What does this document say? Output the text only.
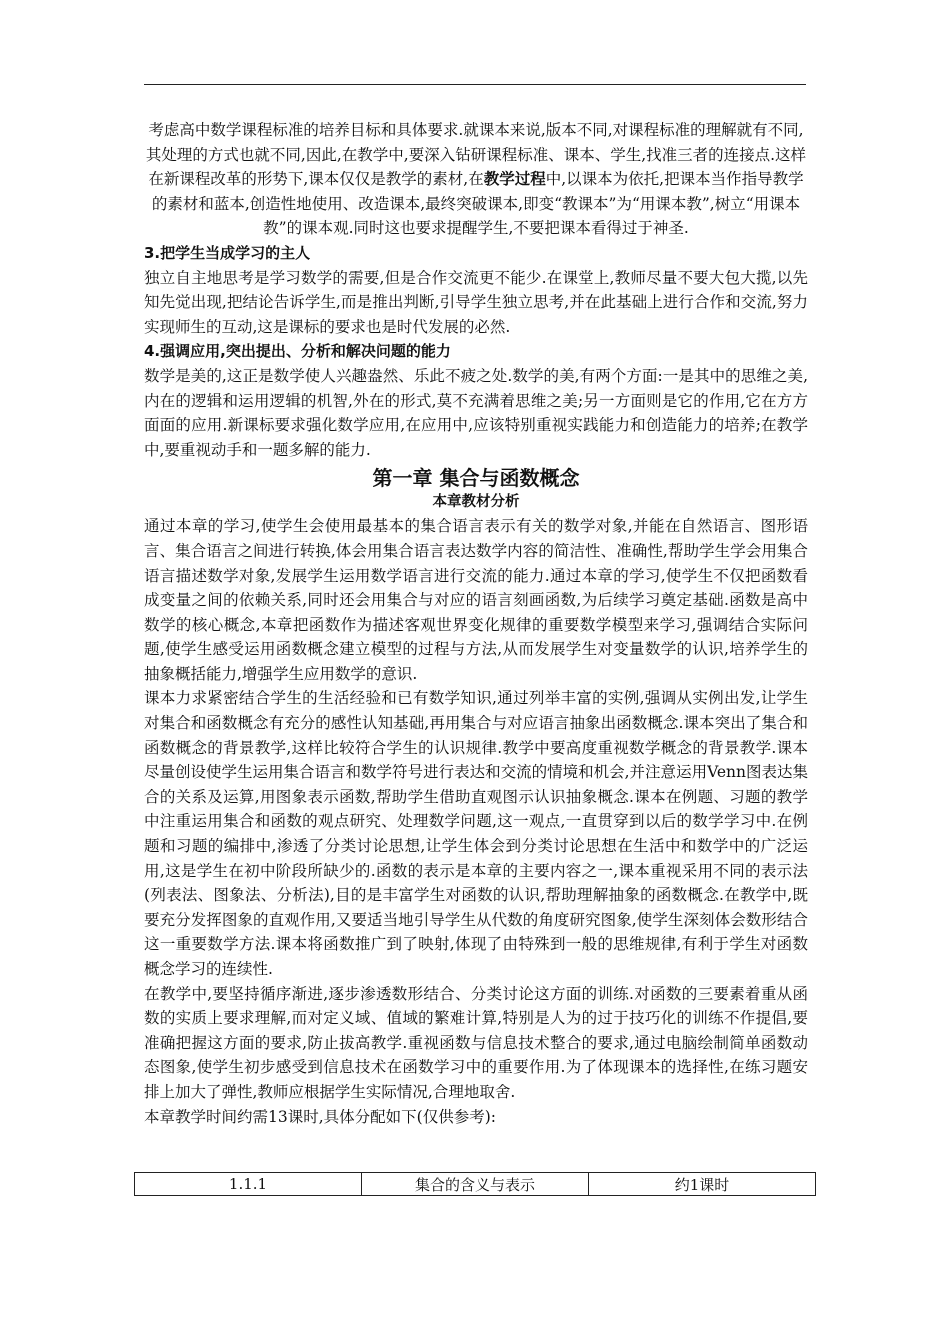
考虑高中数学课程标准的培养目标和具体要求.就课本来说,版本不同,对课程标准的理解就有不同,其处理的方式也就不同,因此,在教学中,要深入钻研课程标准、课本、学生,找准三者的连接点.这样在新课程改革的形势下,课本仅仅是教学的素材,在教学过程中,以课本为依托,把课本当作指导教学的素材和蓝本,创造性地使用、改造课本,最终突破课本,即变“教课本”为“用课本教”,树立“用课本教”的课本观.同时这也要求提醒学生,不要把课本看得过于神圣.

3.把学生当成学习的主人

独立自主地思考是学习数学的需要,但是合作交流更不能少.在课堂上,教师尽量不要大包大揽,以先知先觉出现,把结论告诉学生,而是推出判断,引导学生独立思考,并在此基础上进行合作和交流,努力实现师生的互动,这是课标的要求也是时代发展的必然.

4.强调应用,突出提出、分析和解决问题的能力

数学是美的,这正是数学使人兴趣盎然、乐此不疲之处.数学的美,有两个方面:一是其中的思维之美,内在的逻辑和运用逻辑的机智,外在的形式,莫不充满着思维之美;另一方面则是它的作用,它在方方面面的应用.新课标要求强化数学应用,在应用中,应该特别重视实践能力和创造能力的培养;在教学中,要重视动手和一题多解的能力.

第一章 集合与函数概念

本章教材分析

通过本章的学习,使学生会使用最基本的集合语言表示有关的数学对象,并能在自然语言、图形语言、集合语言之间进行转换,体会用集合语言表达数学内容的简洁性、准确性,帮助学生学会用集合语言描述数学对象,发展学生运用数学语言进行交流的能力.通过本章的学习,使学生不仅把函数看成变量之间的依赖关系,同时还会用集合与对应的语言刻画函数,为后续学习奠定基础.函数是高中数学的核心概念,本章把函数作为描述客观世界变化规律的重要数学模型来学习,强调结合实际问题,使学生感受运用函数概念建立模型的过程与方法,从而发展学生对变量数学的认识,培养学生的抽象概括能力,增强学生应用数学的意识.

课本力求紧密结合学生的生活经验和已有数学知识,通过列举丰富的实例,强调从实例出发,让学生对集合和函数概念有充分的感性认知基础,再用集合与对应语言抽象出函数概念.课本突出了集合和函数概念的背景教学,这样比较符合学生的认识规律.教学中要高度重视数学概念的背景教学.课本尽量创设使学生运用集合语言和数学符号进行表达和交流的情境和机会,并注意运用Venn图表达集合的关系及运算,用图象表示函数,帮助学生借助直观图示认识抽象概念.课本在例题、习题的教学中注重运用集合和函数的观点研究、处理数学问题,这一观点,一直贯穿到以后的数学学习中.在例题和习题的编排中,渗透了分类讨论思想,让学生体会到分类讨论思想在生活中和数学中的广泛运用,这是学生在初中阶段所缺少的.函数的表示是本章的主要内容之一,课本重视采用不同的表示法(列表法、图象法、分析法),目的是丰富学生对函数的认识,帮助理解抽象的函数概念.在教学中,既要充分发挥图象的直观作用,又要适当地引导学生从代数的角度研究图象,使学生深刻体会数形结合这一重要数学方法.课本将函数推广到了映射,体现了由特殊到一般的思维规律,有利于学生对函数概念学习的连续性.

在教学中,要坚持循序渐进,逐步渗透数形结合、分类讨论这方面的训练.对函数的三要素着重从函数的实质上要求理解,而对定义域、值域的繁难计算,特别是人为的过于技巧化的训练不作提倡,要准确把握这方面的要求,防止拔高教学.重视函数与信息技术整合的要求,通过电脑绘制简单函数动态图象,使学生初步感受到信息技术在函数学习中的重要作用.为了体现课本的选择性,在练习题安排上加大了弹性,教师应根据学生实际情况,合理地取舍.

本章教学时间约需13课时,具体分配如下(仅供参考):

1.1.1	集合的含义与表示	约1课时
